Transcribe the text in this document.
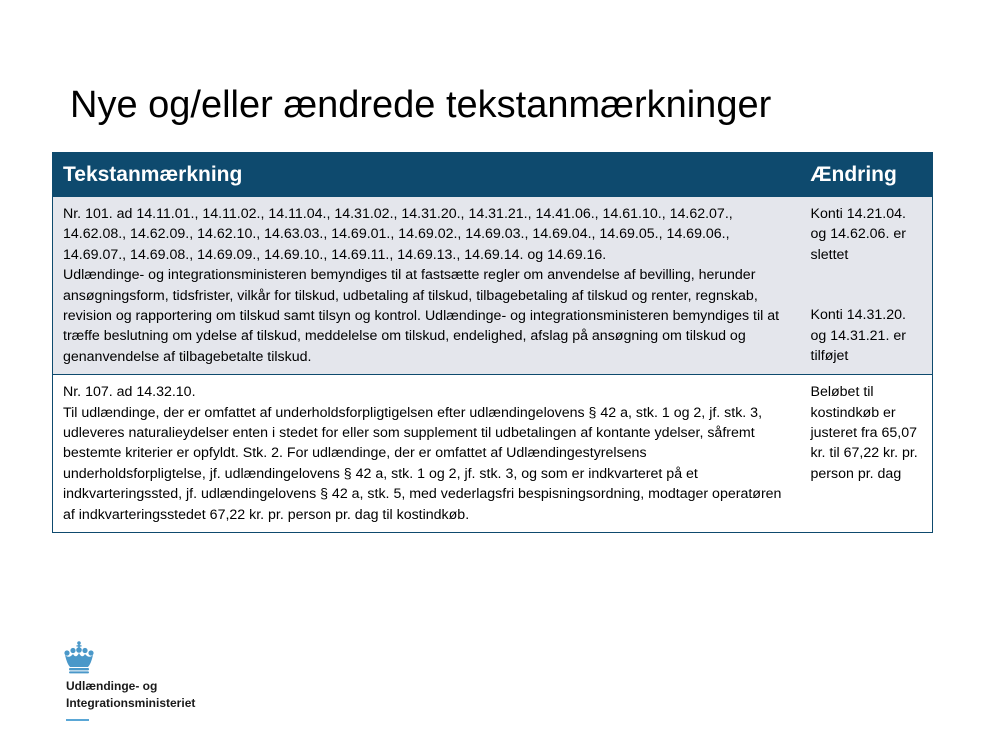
Nye og/eller ændrede tekstanmærkninger
Tekstanmærkning	Ændring

Nr. 101. ad 14.11.01., 14.11.02., 14.11.04., 14.31.02., 14.31.20., 14.31.21., 14.41.06., 14.61.10., 14.62.07., 14.62.08., 14.62.09., 14.62.10., 14.63.03., 14.69.01., 14.69.02., 14.69.03., 14.69.04., 14.69.05., 14.69.06., 14.69.07., 14.69.08., 14.69.09., 14.69.10., 14.69.11., 14.69.13., 14.69.14. og 14.69.16.
Udlændinge- og integrationsministeren bemyndiges til at fastsætte regler om anvendelse af bevilling, herunder ansøgningsform, tidsfrister, vilkår for tilskud, udbetaling af tilskud, tilbagebetaling af tilskud og renter, regnskab, revision og rapportering om tilskud samt tilsyn og kontrol. Udlændinge- og integrationsministeren bemyndiges til at træffe beslutning om ydelse af tilskud, meddelelse om tilskud, endelighed, afslag på ansøgning om tilskud og genanvendelse af tilbagebetalte tilskud.	Konti 14.21.04. og 14.62.06. er slettet
Konti 14.31.20. og 14.31.21. er tilføjet

Nr. 107. ad 14.32.10.
Til udlændinge, der er omfattet af underholdsforpligtigelsen efter udlændingelovens § 42 a, stk. 1 og 2, jf. stk. 3, udleveres naturalieydelser enten i stedet for eller som supplement til udbetalingen af kontante ydelser, såfremt bestemte kriterier er opfyldt. Stk. 2. For udlændinge, der er omfattet af Udlændingestyrelsens underholdsforpligtelse, jf. udlændingelovens § 42 a, stk. 1 og 2, jf. stk. 3, og som er indkvarteret på et indkvarteringssted, jf. udlændingelovens § 42 a, stk. 5, med vederlagsfri bespisningsordning, modtager operatøren af indkvarteringsstedet 67,22 kr. pr. person pr. dag til kostindkøb.	Beløbet til kostindkøb er justeret fra 65,07 kr. til 67,22 kr. pr. person pr. dag
Udlændinge- og
Integrationsministeriet
